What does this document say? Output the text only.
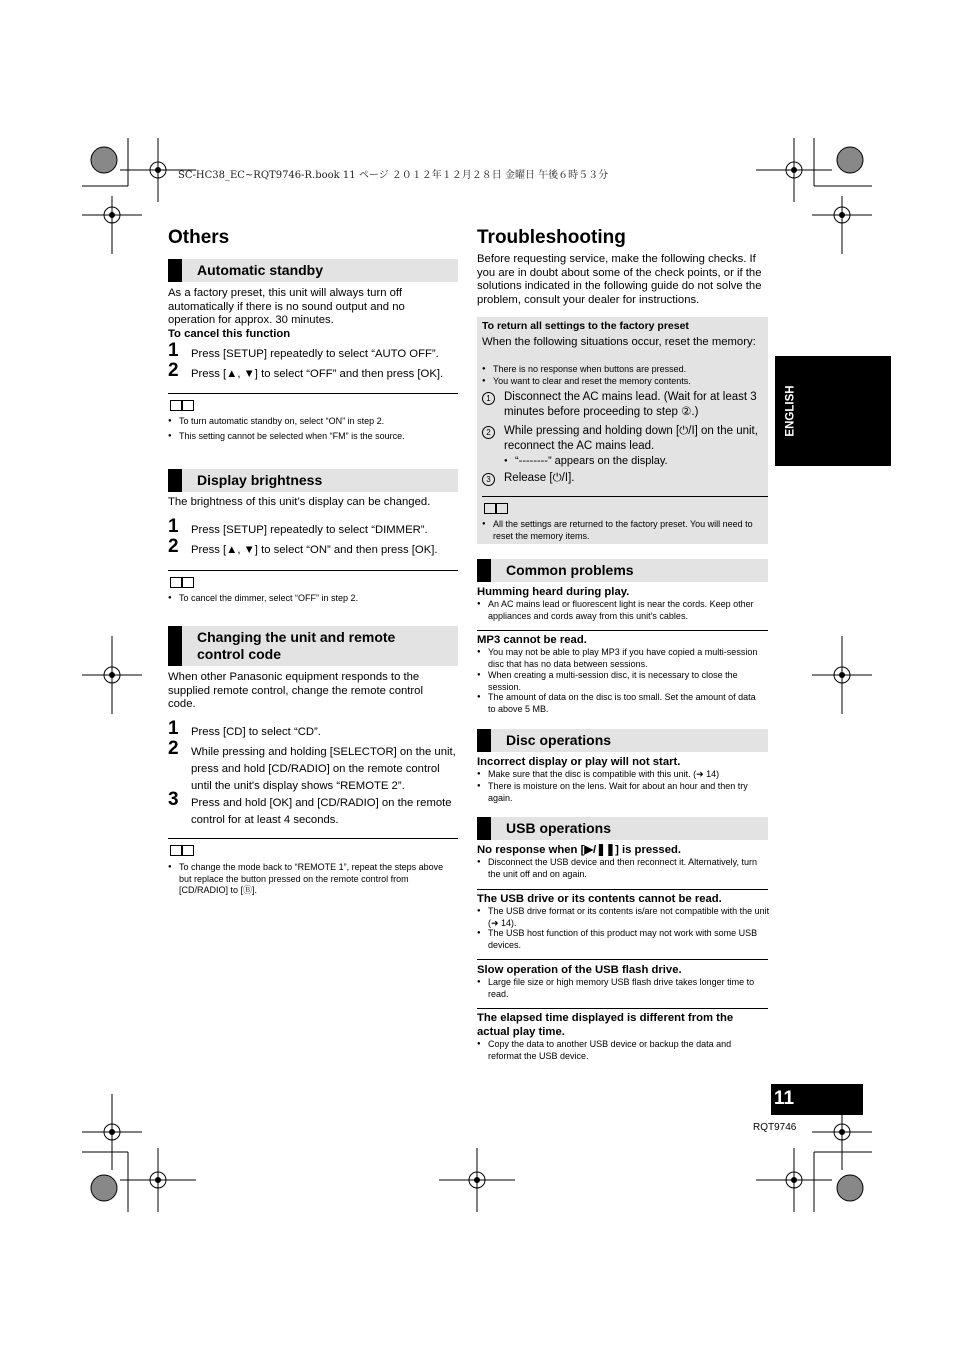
SC-HC38_EC~RQT9746-R.book 11 ページ ２０１２年１２月２８日 金曜日 午後６時５３分
Others
Automatic standby
As a factory preset, this unit will always turn off automatically if there is no sound output and no operation for approx. 30 minutes.
To cancel this function
1 Press [SETUP] repeatedly to select “AUTO OFF”.
2 Press [▲, ▼] to select “OFF” and then press [OK].
● To turn automatic standby on, select “ON” in step 2.
● This setting cannot be selected when “FM” is the source.
Display brightness
The brightness of this unit’s display can be changed.
1 Press [SETUP] repeatedly to select “DIMMER”.
2 Press [▲, ▼] to select “ON” and then press [OK].
● To cancel the dimmer, select “OFF” in step 2.
Changing the unit and remote
control code
When other Panasonic equipment responds to the supplied remote control, change the remote control code.
1 Press [CD] to select “CD”.
2 While pressing and holding [SELECTOR] on the unit, press and hold [CD/RADIO] on the remote control until the unit's display shows “REMOTE 2”.
3 Press and hold [OK] and [CD/RADIO] on the remote control for at least 4 seconds.
● To change the mode back to “REMOTE 1”, repeat the steps above but replace the button pressed on the remote control from [CD/RADIO] to [Ⓑ].
Troubleshooting
Before requesting service, make the following checks. If you are in doubt about some of the check points, or if the solutions indicated in the following guide do not solve the problem, consult your dealer for instructions.
To return all settings to the factory preset
When the following situations occur, reset the memory:
● There is no response when buttons are pressed.
● You want to clear and reset the memory contents.
1	Disconnect the AC mains lead. (Wait for at least 3 minutes before proceeding to step ②.)
2	While pressing and holding down [⏻/I] on the unit, reconnect the AC mains lead.
● “--------” appears on the display.
3	Release [⏻/I].
● All the settings are returned to the factory preset. You will need to reset the memory items.
Common problems
Humming heard during play.
● An AC mains lead or fluorescent light is near the cords. Keep other appliances and cords away from this unit’s cables.
MP3 cannot be read.
● You may not be able to play MP3 if you have copied a multi-session disc that has no data between sessions.
● When creating a multi-session disc, it is necessary to close the session.
● The amount of data on the disc is too small. Set the amount of data to above 5 MB.
Disc operations
Incorrect display or play will not start.
● Make sure that the disc is compatible with this unit. (➜ 14)
● There is moisture on the lens. Wait for about an hour and then try again.
USB operations
No response when [▶/❚❚] is pressed.
● Disconnect the USB device and then reconnect it. Alternatively, turn the unit off and on again.
The USB drive or its contents cannot be read.
● The USB drive format or its contents is/are not compatible with the unit (➜ 14).
● The USB host function of this product may not work with some USB devices.
Slow operation of the USB flash drive.
● Large file size or high memory USB flash drive takes longer time to read.
The elapsed time displayed is different from the actual play time.
● Copy the data to another USB device or backup the data and reformat the USB device.
ENGLISH
11
RQT9746
